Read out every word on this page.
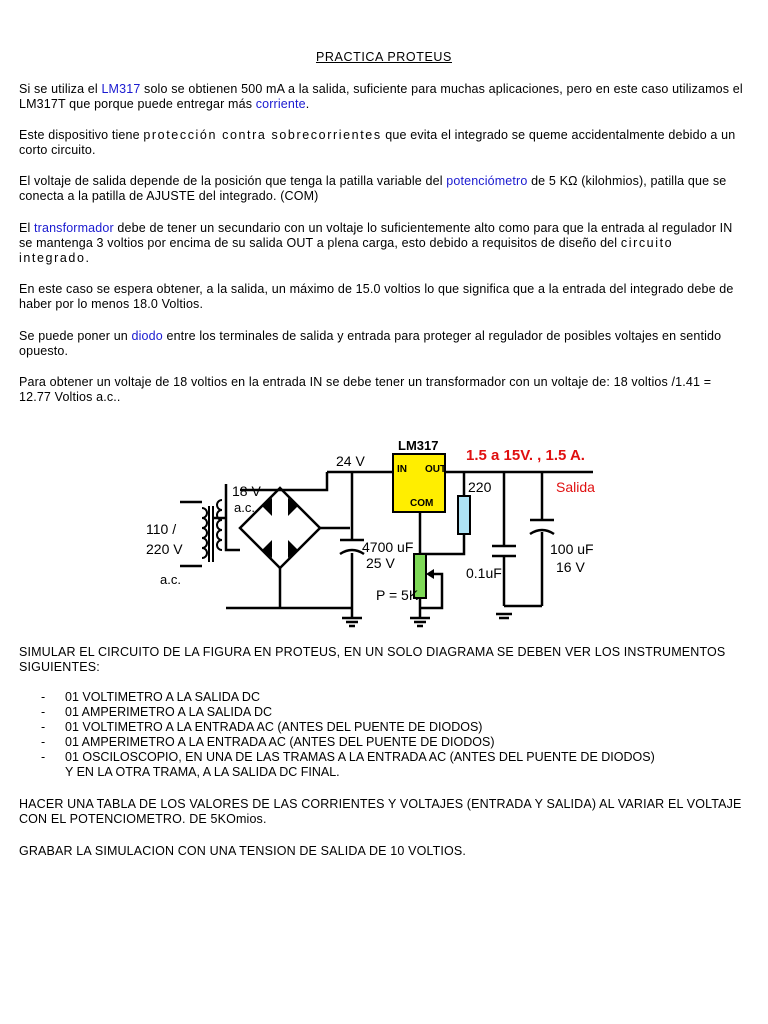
PRACTICA PROTEUS

Si se utiliza el LM317 solo se obtienen 500 mA a la salida, suficiente para muchas aplicaciones, pero en este caso utilizamos el LM317T que porque puede entregar más corriente.

Este dispositivo tiene protección contra sobrecorrientes que evita el integrado se queme accidentalmente debido a un corto circuito.

El voltaje de salida depende de la posición que tenga la patilla variable del potenciómetro de 5 KΩ (kilohmios), patilla que se conecta a la patilla de AJUSTE del integrado. (COM)

El transformador debe de tener un secundario con un voltaje lo suficientemente alto como para que la entrada al regulador IN se mantenga 3 voltios por encima de su salida OUT a plena carga, esto debido a requisitos de diseño del circuito integrado.

En este caso se espera obtener, a la salida, un máximo de 15.0 voltios lo que significa que a la entrada del integrado debe de haber por lo menos 18.0 Voltios.

Se puede poner un diodo entre los terminales de salida y entrada para proteger al regulador de posibles voltajes en sentido opuesto.

Para obtener un voltaje de 18 voltios en la entrada IN se debe tener un transformador con un voltaje de: 18 voltios /1.41 = 12.77 Voltios a.c..

SIMULAR EL CIRCUITO DE LA FIGURA EN PROTEUS, EN UN SOLO DIAGRAMA SE DEBEN VER LOS INSTRUMENTOS SIGUIENTES:

- 01 VOLTIMETRO A LA SALIDA DC
- 01 AMPERIMETRO A LA SALIDA DC
- 01 VOLTIMETRO A LA ENTRADA AC (ANTES DEL PUENTE DE DIODOS)
- 01 AMPERIMETRO A LA ENTRADA AC (ANTES DEL PUENTE DE DIODOS)
- 01 OSCILOSCOPIO, EN UNA DE LAS TRAMAS A LA ENTRADA AC (ANTES DEL PUENTE DE DIODOS)
Y EN LA OTRA TRAMA, A LA SALIDA DC FINAL.

HACER UNA TABLA DE LOS VALORES DE LAS CORRIENTES Y VOLTAJES (ENTRADA Y SALIDA) AL VARIAR EL VOLTAJE CON EL POTENCIOMETRO. DE 5KOmios.

GRABAR LA SIMULACION CON UNA TENSION DE SALIDA DE 10 VOLTIOS.

LM317
IN OUT
COM
1.5 a 15V. , 1.5 A.
Salida
24 V
18 V
a.c.
110 /
220 V
a.c.
4700 uF
25 V
P = 5K
220
0.1uF
100 uF
16 V
